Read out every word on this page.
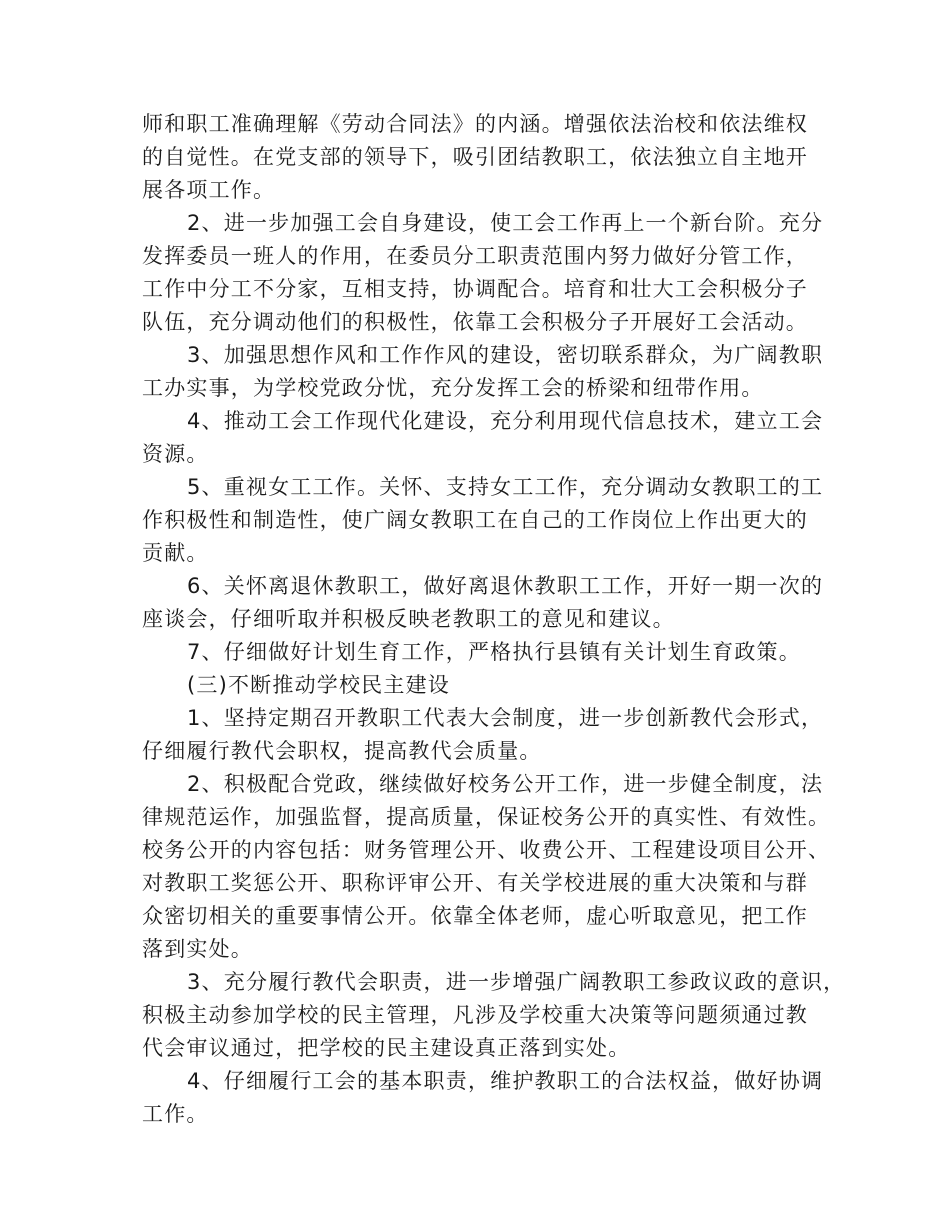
师和职工准确理解《劳动合同法》的内涵。增强依法治校和依法维权
的自觉性。在党支部的领导下，吸引团结教职工，依法独立自主地开
展各项工作。
2、进一步加强工会自身建设，使工会工作再上一个新台阶。充分
发挥委员一班人的作用，在委员分工职责范围内努力做好分管工作，
工作中分工不分家，互相支持，协调配合。培育和壮大工会积极分子
队伍，充分调动他们的积极性，依靠工会积极分子开展好工会活动。
3、加强思想作风和工作作风的建设，密切联系群众，为广阔教职
工办实事，为学校党政分忧，充分发挥工会的桥梁和纽带作用。
4、推动工会工作现代化建设，充分利用现代信息技术，建立工会
资源。
5、重视女工工作。关怀、支持女工工作，充分调动女教职工的工
作积极性和制造性，使广阔女教职工在自己的工作岗位上作出更大的
贡献。
6、关怀离退休教职工，做好离退休教职工工作，开好一期一次的
座谈会，仔细听取并积极反映老教职工的意见和建议。
7、仔细做好计划生育工作，严格执行县镇有关计划生育政策。
(三)不断推动学校民主建设
1、坚持定期召开教职工代表大会制度，进一步创新教代会形式，
仔细履行教代会职权，提高教代会质量。
2、积极配合党政，继续做好校务公开工作，进一步健全制度，法
律规范运作，加强监督，提高质量，保证校务公开的真实性、有效性。
校务公开的内容包括：财务管理公开、收费公开、工程建设项目公开、
对教职工奖惩公开、职称评审公开、有关学校进展的重大决策和与群
众密切相关的重要事情公开。依靠全体老师，虚心听取意见，把工作
落到实处。
3、充分履行教代会职责，进一步增强广阔教职工参政议政的意识，
积极主动参加学校的民主管理，凡涉及学校重大决策等问题须通过教
代会审议通过，把学校的民主建设真正落到实处。
4、仔细履行工会的基本职责，维护教职工的合法权益，做好协调
工作。
